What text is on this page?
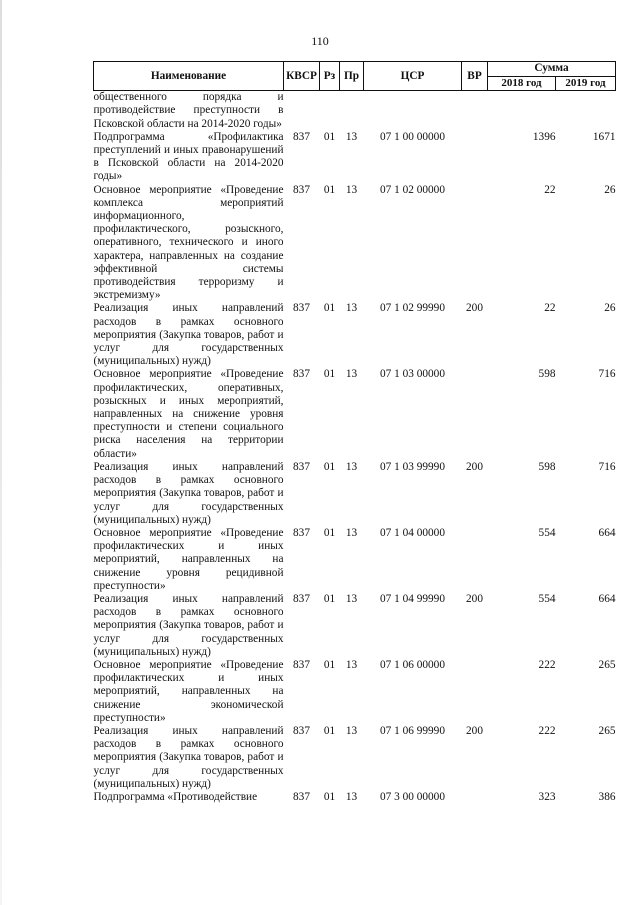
110
Наименование	КВСР	Рз	Пр	ЦСР	ВР	Сумма	
						2018 год	2019 год
общественного порядка и противодействие преступности в Псковской области на 2014-2020 годы»							
Подпрограмма «Профилактика преступлений и иных правонарушений в Псковской области на 2014-2020 годы»	837	01	13	07 1 00 00000		1396	1671
Основное мероприятие «Проведение комплекса мероприятий информационного, профилактического, розыскного, оперативного, технического и иного характера, направленных на создание эффективной системы противодействия терроризму и экстремизму»	837	01	13	07 1 02 00000		22	26
Реализация иных направлений расходов в рамках основного мероприятия (Закупка товаров, работ и услуг для государственных (муниципальных) нужд)	837	01	13	07 1 02 99990	200	22	26
Основное мероприятие «Проведение профилактических, оперативных, розыскных и иных мероприятий, направленных на снижение уровня преступности и степени социального риска населения на территории области»	837	01	13	07 1 03 00000		598	716
Реализация иных направлений расходов в рамках основного мероприятия (Закупка товаров, работ и услуг для государственных (муниципальных) нужд)	837	01	13	07 1 03 99990	200	598	716
Основное мероприятие «Проведение профилактических и иных мероприятий, направленных на снижение уровня рецидивной преступности»	837	01	13	07 1 04 00000		554	664
Реализация иных направлений расходов в рамках основного мероприятия (Закупка товаров, работ и услуг для государственных (муниципальных) нужд)	837	01	13	07 1 04 99990	200	554	664
Основное мероприятие «Проведение профилактических и иных мероприятий, направленных на снижение экономической преступности»	837	01	13	07 1 06 00000		222	265
Реализация иных направлений расходов в рамках основного мероприятия (Закупка товаров, работ и услуг для государственных (муниципальных) нужд)	837	01	13	07 1 06 99990	200	222	265
Подпрограмма «Противодействие	837	01	13	07 3 00 00000		323	386
